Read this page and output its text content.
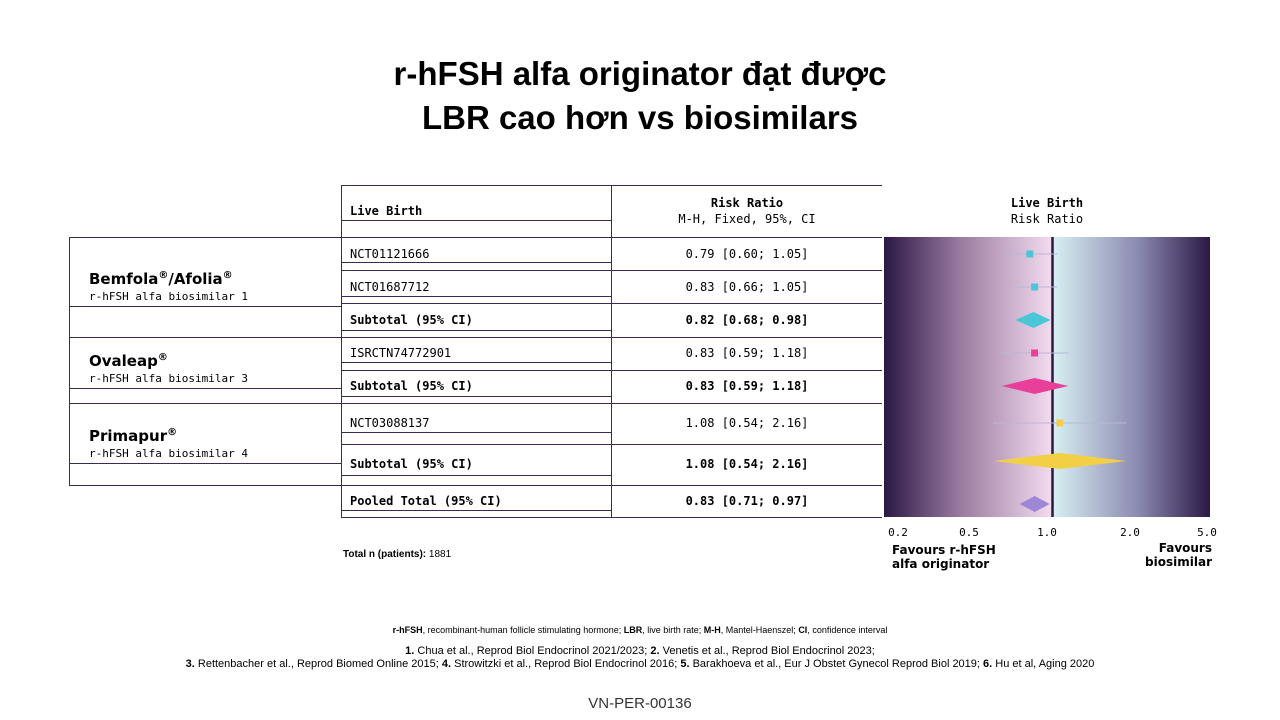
r-hFSH alfa originator đạt được
LBR cao hơn vs biosimilars
Live Birth
Risk Ratio
M-H, Fixed, 95%, CI
Live Birth
Risk Ratio
Bemfola®/Afolia®
r-hFSH alfa biosimilar 1
Ovaleap®
r-hFSH alfa biosimilar 3
Primapur®
r-hFSH alfa biosimilar 4
NCT01121666	0.79 [0.60; 1.05]
NCT01687712	0.83 [0.66; 1.05]
Subtotal (95% CI)	0.82 [0.68; 0.98]
ISRCTN74772901	0.83 [0.59; 1.18]
Subtotal (95% CI)	0.83 [0.59; 1.18]
NCT03088137	1.08 [0.54; 2.16]
Subtotal (95% CI)	1.08 [0.54; 2.16]
Pooled Total (95% CI)	0.83 [0.71; 0.97]
Total n (patients): 1881
0.2	0.5	1.0	2.0	5.0
Favours r-hFSH
alfa originator
Favours
biosimilar
r-hFSH, recombinant-human follicle stimulating hormone; LBR, live birth rate; M-H, Mantel-Haenszel; CI, confidence interval
1. Chua et al., Reprod Biol Endocrinol 2021/2023; 2. Venetis et al., Reprod Biol Endocrinol 2023;
3. Rettenbacher et al., Reprod Biomed Online 2015; 4. Strowitzki et al., Reprod Biol Endocrinol 2016; 5. Barakhoeva et al., Eur J Obstet Gynecol Reprod Biol 2019; 6. Hu et al, Aging 2020
VN-PER-00136
